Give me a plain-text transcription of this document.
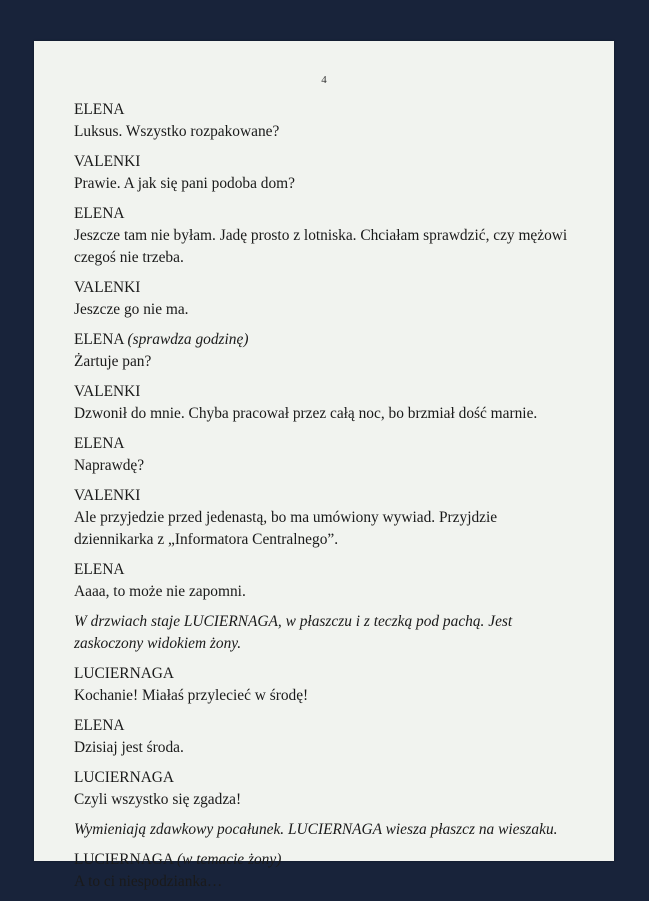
4
ELENA
Luksus. Wszystko rozpakowane?
VALENKI
Prawie. A jak się pani podoba dom?
ELENA
Jeszcze tam nie byłam. Jadę prosto z lotniska. Chciałam sprawdzić, czy mężowi
czegoś nie trzeba.
VALENKI
Jeszcze go nie ma.
ELENA (sprawdza godzinę)
Żartuje pan?
VALENKI
Dzwonił do mnie. Chyba pracował przez całą noc, bo brzmiał dość marnie.
ELENA
Naprawdę?
VALENKI
Ale przyjedzie przed jedenastą, bo ma umówiony wywiad. Przyjdzie
dziennikarka z „Informatora Centralnego”.
ELENA
Aaaa, to może nie zapomni.
W drzwiach staje LUCIERNAGA, w płaszczu i z teczką pod pachą. Jest
zaskoczony widokiem żony.
LUCIERNAGA
Kochanie! Miałaś przylecieć w środę!
ELENA
Dzisiaj jest środa.
LUCIERNAGA
Czyli wszystko się zgadza!
Wymieniają zdawkowy pocałunek. LUCIERNAGA wiesza płaszcz na wieszaku.
LUCIERNAGA (w temacie żony)
A to ci niespodzianka…
